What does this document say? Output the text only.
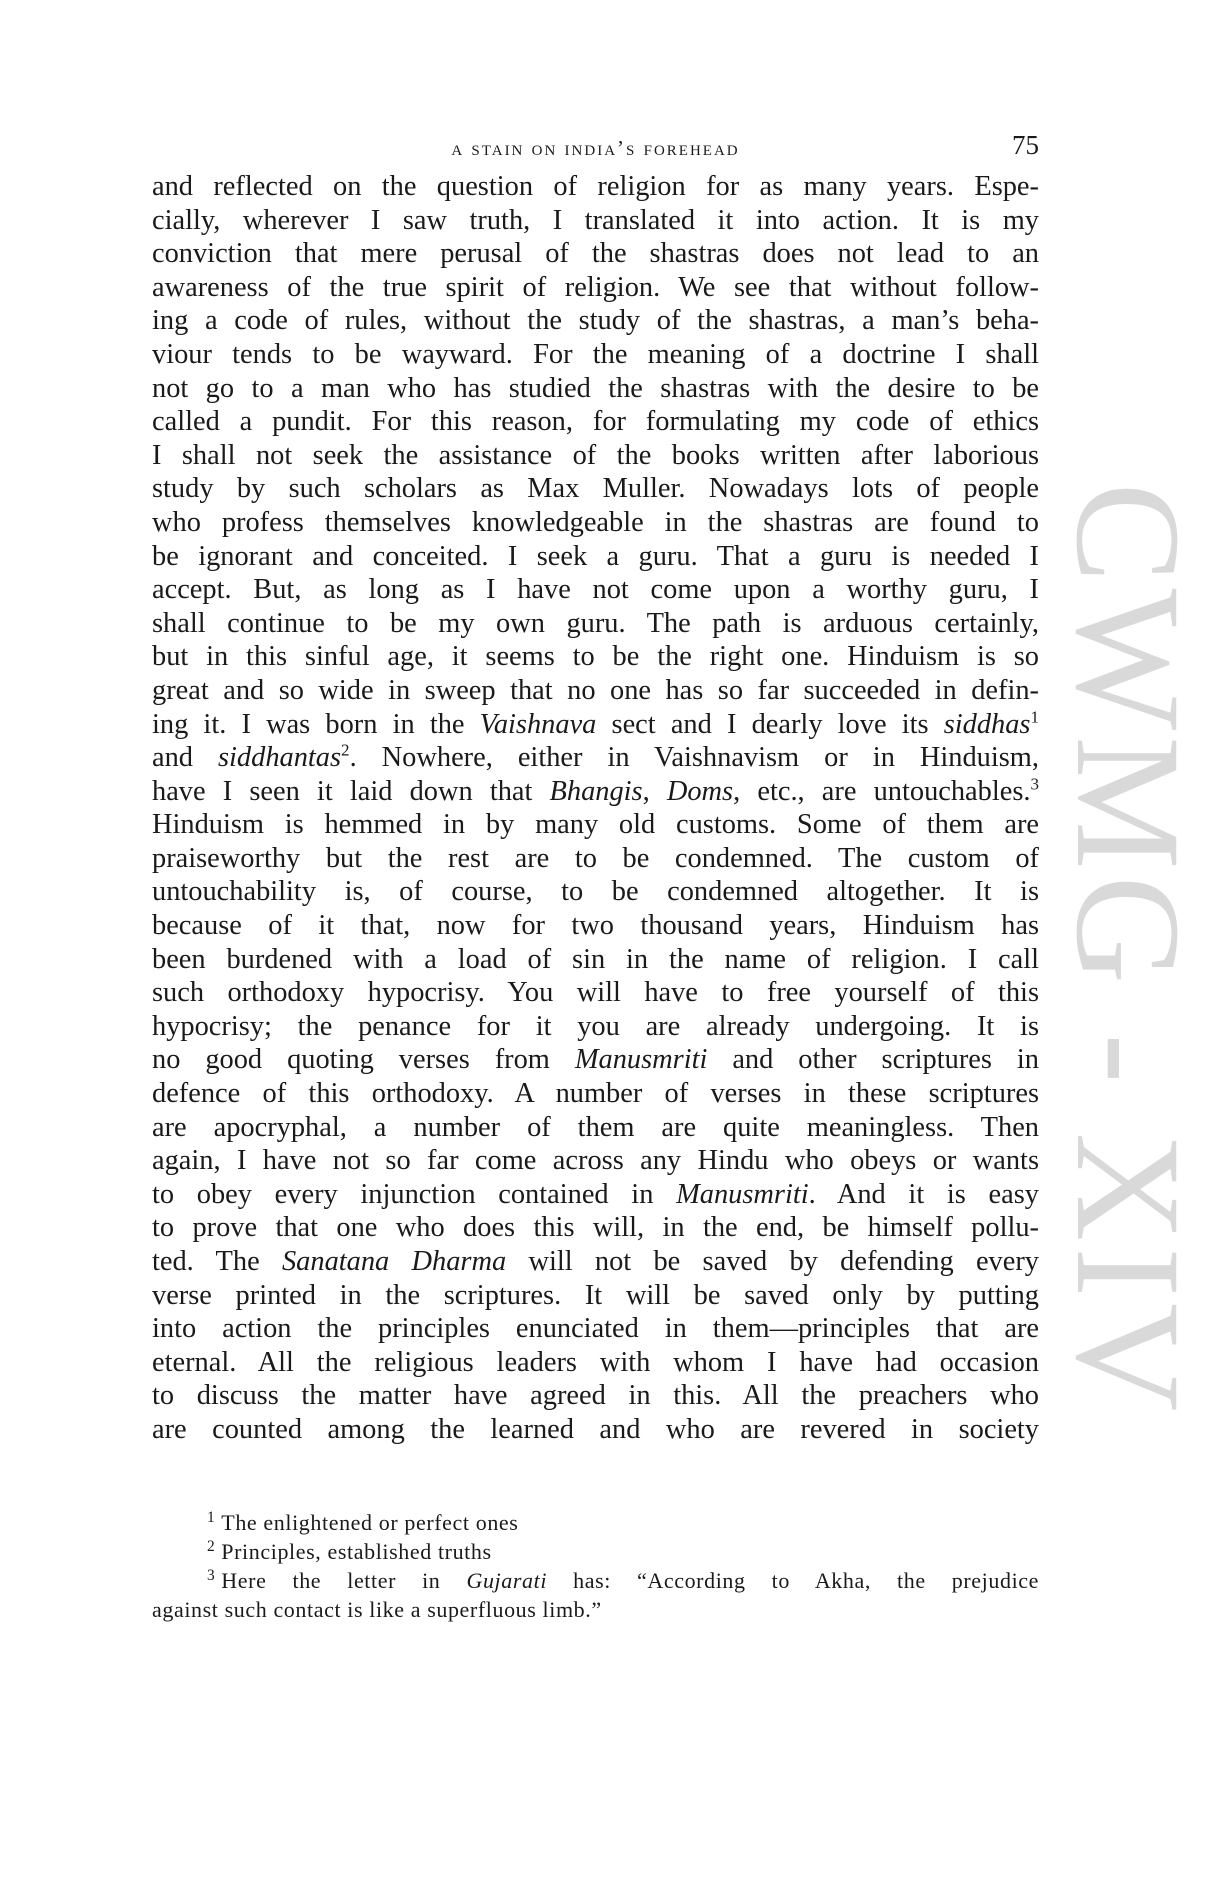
a stain on india’s forehead	75
and reflected on the question of religion for as many years. Espe-
cially, wherever I saw truth, I translated it into action. It is my
conviction that mere perusal of the shastras does not lead to an
awareness of the true spirit of religion. We see that without follow-
ing a code of rules, without the study of the shastras, a man’s beha-
viour tends to be wayward. For the meaning of a doctrine I shall
not go to a man who has studied the shastras with the desire to be
called a pundit. For this reason, for formulating my code of ethics
I shall not seek the assistance of the books written after laborious
study by such scholars as Max Muller. Nowadays lots of people
who profess themselves knowledgeable in the shastras are found to
be ignorant and conceited. I seek a guru. That a guru is needed I
accept. But, as long as I have not come upon a worthy guru, I
shall continue to be my own guru. The path is arduous certainly,
but in this sinful age, it seems to be the right one. Hinduism is so
great and so wide in sweep that no one has so far succeeded in defin-
ing it. I was born in the Vaishnava sect and I dearly love its siddhas$^1$
and siddhantas$^2$. Nowhere, either in Vaishnavism or in Hinduism,
have I seen it laid down that Bhangis, Doms, etc., are untouchables.$^3$
Hinduism is hemmed in by many old customs. Some of them are
praiseworthy but the rest are to be condemned. The custom of
untouchability is, of course, to be condemned altogether. It is
because of it that, now for two thousand years, Hinduism has
been burdened with a load of sin in the name of religion. I call
such orthodoxy hypocrisy. You will have to free yourself of this
hypocrisy; the penance for it you are already undergoing. It is
no good quoting verses from Manusmriti and other scriptures in
defence of this orthodoxy. A number of verses in these scriptures
are apocryphal, a number of them are quite meaningless. Then
again, I have not so far come across any Hindu who obeys or wants
to obey every injunction contained in Manusmriti. And it is easy
to prove that one who does this will, in the end, be himself pollu-
ted. The Sanatana Dharma will not be saved by defending every
verse printed in the scriptures. It will be saved only by putting
into action the principles enunciated in them—principles that are
eternal. All the religious leaders with whom I have had occasion
to discuss the matter have agreed in this. All the preachers who
are counted among the learned and who are revered in society
$^1$ The enlightened or perfect ones
$^2$ Principles, established truths
$^3$ Here the letter in Gujarati has: “According to Akha, the prejudice
against such contact is like a superfluous limb.”
CWMG - XIV
